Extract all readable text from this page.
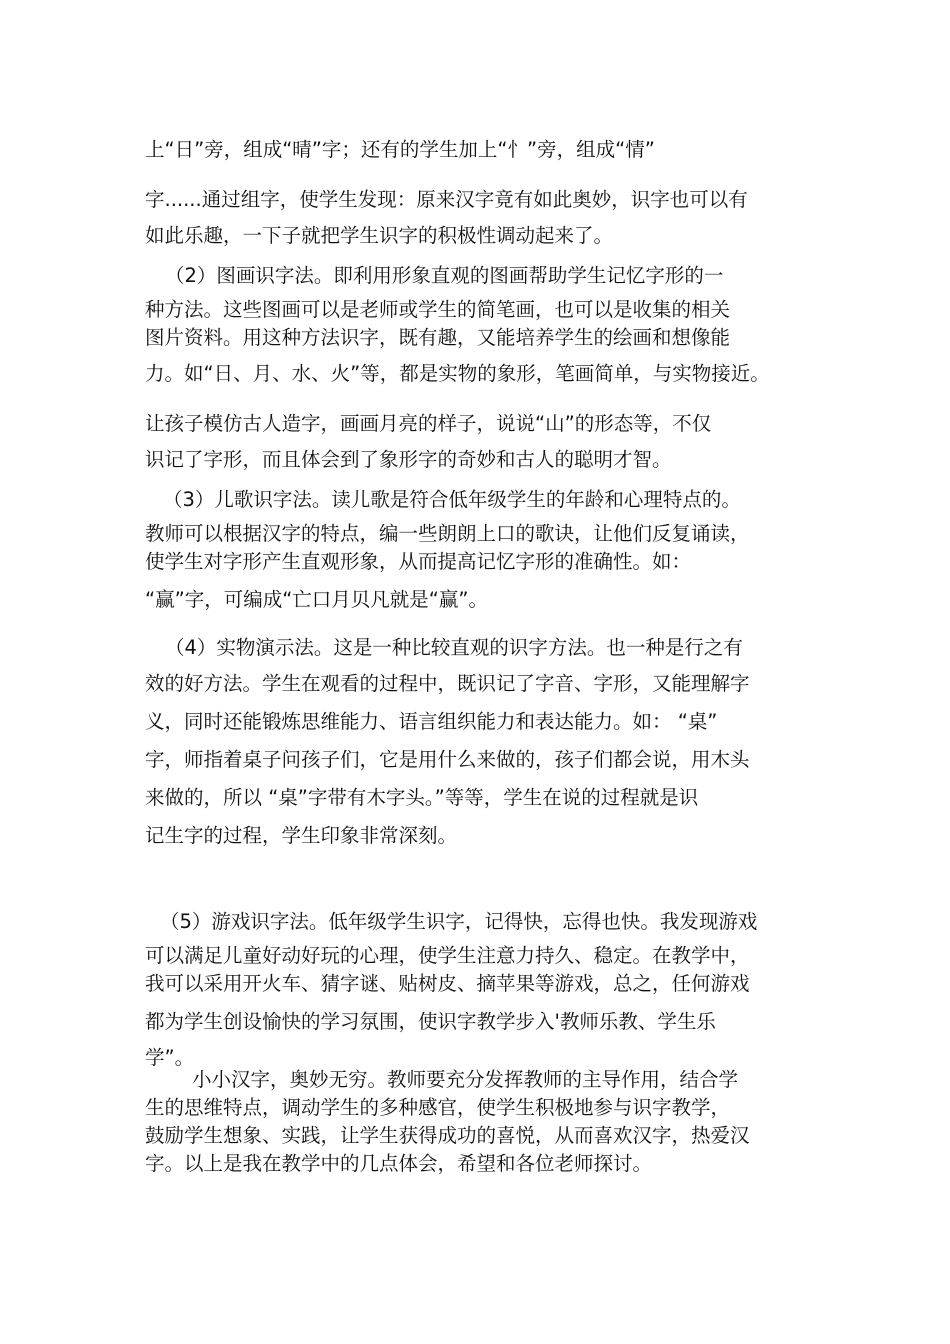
上“日”旁，组成“晴”字；还有的学生加上“忄”旁，组成“情”
字......通过组字，使学生发现：原来汉字竟有如此奥妙，识字也可以有
如此乐趣，一下子就把学生识字的积极性调动起来了。
（2）图画识字法。即利用形象直观的图画帮助学生记忆字形的一
种方法。这些图画可以是老师或学生的简笔画，也可以是收集的相关
图片资料。用这种方法识字，既有趣，又能培养学生的绘画和想像能
力。如“日、月、水、火”等，都是实物的象形，笔画简单，与实物接近。
让孩子模仿古人造字，画画月亮的样子，说说“山”的形态等，不仅
识记了字形，而且体会到了象形字的奇妙和古人的聪明才智。
（3）儿歌识字法。读儿歌是符合低年级学生的年龄和心理特点的。
教师可以根据汉字的特点，编一些朗朗上口的歌诀，让他们反复诵读，
使学生对字形产生直观形象，从而提高记忆字形的准确性。如：
“赢”字，可编成“亡口月贝凡就是“赢”。
（4）实物演示法。这是一种比较直观的识字方法。也一种是行之有
效的好方法。学生在观看的过程中，既识记了字音、字形，又能理解字
义，同时还能锻炼思维能力、语言组织能力和表达能力。如： “桌”
字，师指着桌子问孩子们，它是用什么来做的，孩子们都会说，用木头
来做的，所以 “桌”字带有木字头。”等等，学生在说的过程就是识
记生字的过程，学生印象非常深刻。
（5）游戏识字法。低年级学生识字，记得快，忘得也快。我发现游戏
可以满足儿童好动好玩的心理，使学生注意力持久、稳定。在教学中，
我可以采用开火车、猜字谜、贴树皮、摘苹果等游戏，总之，任何游戏
都为学生创设愉快的学习氛围，使识字教学步入'教师乐教、学生乐
学”。
小小汉字，奥妙无穷。教师要充分发挥教师的主导作用，结合学
生的思维特点，调动学生的多种感官，使学生积极地参与识字教学，
鼓励学生想象、实践，让学生获得成功的喜悦，从而喜欢汉字，热爱汉
字。以上是我在教学中的几点体会，希望和各位老师探讨。
